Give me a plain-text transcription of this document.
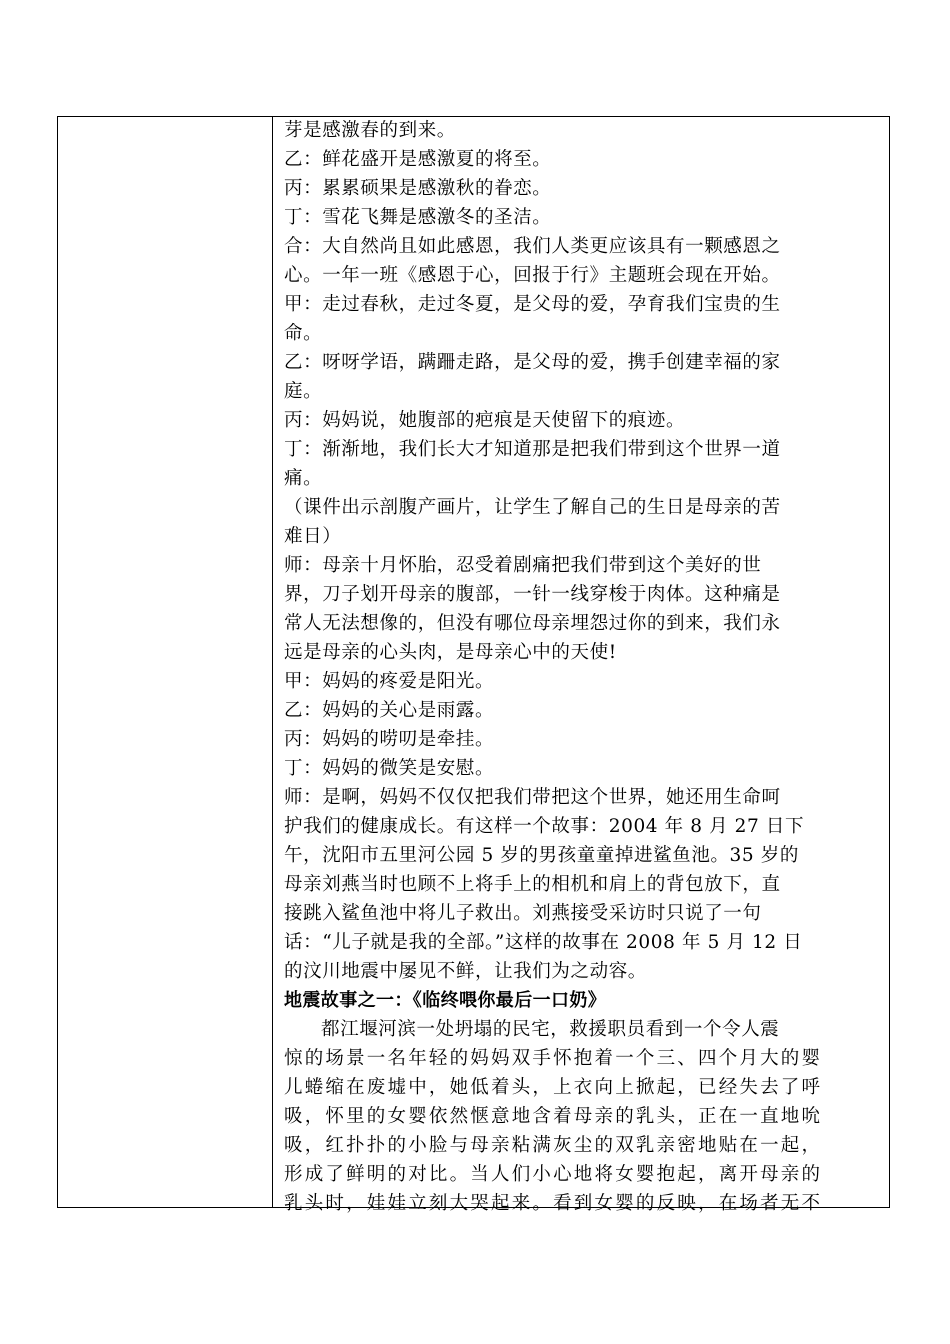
芽是感激春的到来。
乙：鲜花盛开是感激夏的将至。
丙：累累硕果是感激秋的眷恋。
丁：雪花飞舞是感激冬的圣洁。
合：大自然尚且如此感恩，我们人类更应该具有一颗感恩之
心。一年一班《感恩于心，回报于行》主题班会现在开始。
甲：走过春秋，走过冬夏，是父母的爱，孕育我们宝贵的生
命。
乙：呀呀学语，蹒跚走路，是父母的爱，携手创建幸福的家
庭。
丙：妈妈说，她腹部的疤痕是天使留下的痕迹。
丁：渐渐地，我们长大才知道那是把我们带到这个世界一道
痛。
（课件出示剖腹产画片，让学生了解自己的生日是母亲的苦
难日）
师：母亲十月怀胎，忍受着剧痛把我们带到这个美好的世
界，刀子划开母亲的腹部，一针一线穿梭于肉体。这种痛是
常人无法想像的，但没有哪位母亲埋怨过你的到来，我们永
远是母亲的心头肉，是母亲心中的天使!
甲：妈妈的疼爱是阳光。
乙：妈妈的关心是雨露。
丙：妈妈的唠叨是牵挂。
丁：妈妈的微笑是安慰。
师：是啊，妈妈不仅仅把我们带把这个世界，她还用生命呵
护我们的健康成长。有这样一个故事：2004 年 8 月 27 日下
午，沈阳市五里河公园 5 岁的男孩童童掉进鲨鱼池。35 岁的
母亲刘燕当时也顾不上将手上的相机和肩上的背包放下，直
接跳入鲨鱼池中将儿子救出。刘燕接受采访时只说了一句
话：“儿子就是我的全部。”这样的故事在 2008 年 5 月 12 日
的汶川地震中屡见不鲜，让我们为之动容。
地震故事之一：《临终喂你最后一口奶》
都江堰河滨一处坍塌的民宅，救援职员看到一个令人震
惊的场景一名年轻的妈妈双手怀抱着一个三、四个月大的婴
儿蜷缩在废墟中，她低着头，上衣向上掀起，已经失去了呼
吸，怀里的女婴依然惬意地含着母亲的乳头，正在一直地吮
吸，红扑扑的小脸与母亲粘满灰尘的双乳亲密地贴在一起，
形成了鲜明的对比。当人们小心地将女婴抱起，离开母亲的
乳头时，娃娃立刻大哭起来。看到女婴的反映，在场者无不
